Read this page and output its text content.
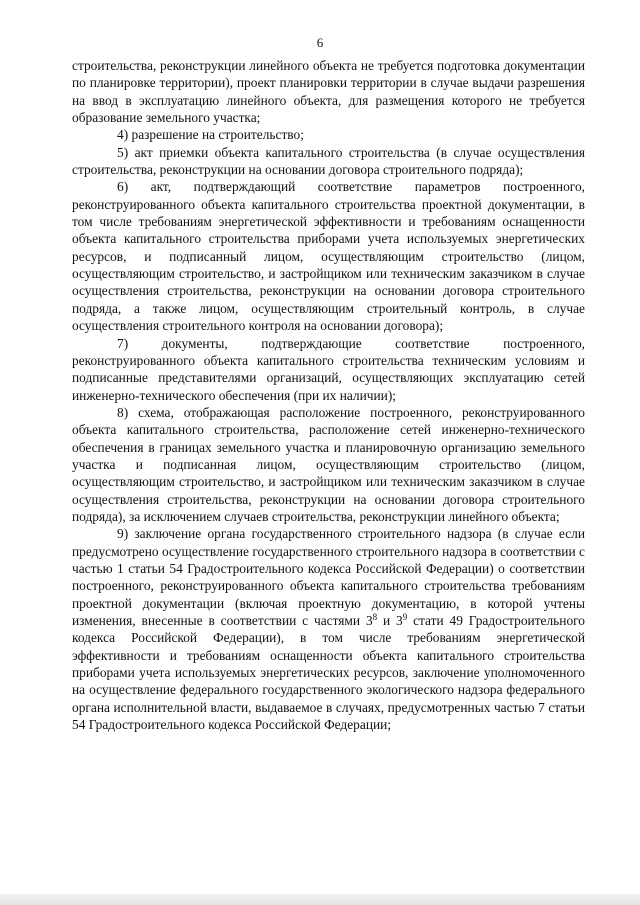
6

строительства, реконструкции линейного объекта не требуется подготовка документации по планировке территории), проект планировки территории в случае выдачи разрешения на ввод в эксплуатацию линейного объекта, для размещения которого не требуется образование земельного участка;

4) разрешение на строительство;

5) акт приемки объекта капитального строительства (в случае осуществления строительства, реконструкции на основании договора строительного подряда);

6) акт, подтверждающий соответствие параметров построенного, реконструированного объекта капитального строительства проектной документации, в том числе требованиям энергетической эффективности и требованиям оснащенности объекта капитального строительства приборами учета используемых энергетических ресурсов, и подписанный лицом, осуществляющим строительство (лицом, осуществляющим строительство, и застройщиком или техническим заказчиком в случае осуществления строительства, реконструкции на основании договора строительного подряда, а также лицом, осуществляющим строительный контроль, в случае осуществления строительного контроля на основании договора);

7) документы, подтверждающие соответствие построенного, реконструированного объекта капитального строительства техническим условиям и подписанные представителями организаций, осуществляющих эксплуатацию сетей инженерно-технического обеспечения (при их наличии);

8) схема, отображающая расположение построенного, реконструированного объекта капитального строительства, расположение сетей инженерно-технического обеспечения в границах земельного участка и планировочную организацию земельного участка и подписанная лицом, осуществляющим строительство (лицом, осуществляющим строительство, и застройщиком или техническим заказчиком в случае осуществления строительства, реконструкции на основании договора строительного подряда), за исключением случаев строительства, реконструкции линейного объекта;

9) заключение органа государственного строительного надзора (в случае если предусмотрено осуществление государственного строительного надзора в соответствии с частью 1 статьи 54 Градостроительного кодекса Российской Федерации) о соответствии построенного, реконструированного объекта капитального строительства требованиям проектной документации (включая проектную документацию, в которой учтены изменения, внесенные в соответствии с частями $3^8$ и $3^9$ стати 49 Градостроительного кодекса Российской Федерации), в том числе требованиям энергетической эффективности и требованиям оснащенности объекта капитального строительства приборами учета используемых энергетических ресурсов, заключение уполномоченного на осуществление федерального государственного экологического надзора федерального органа исполнительной власти, выдаваемое в случаях, предусмотренных частью 7 статьи 54 Градостроительного кодекса Российской Федерации;
